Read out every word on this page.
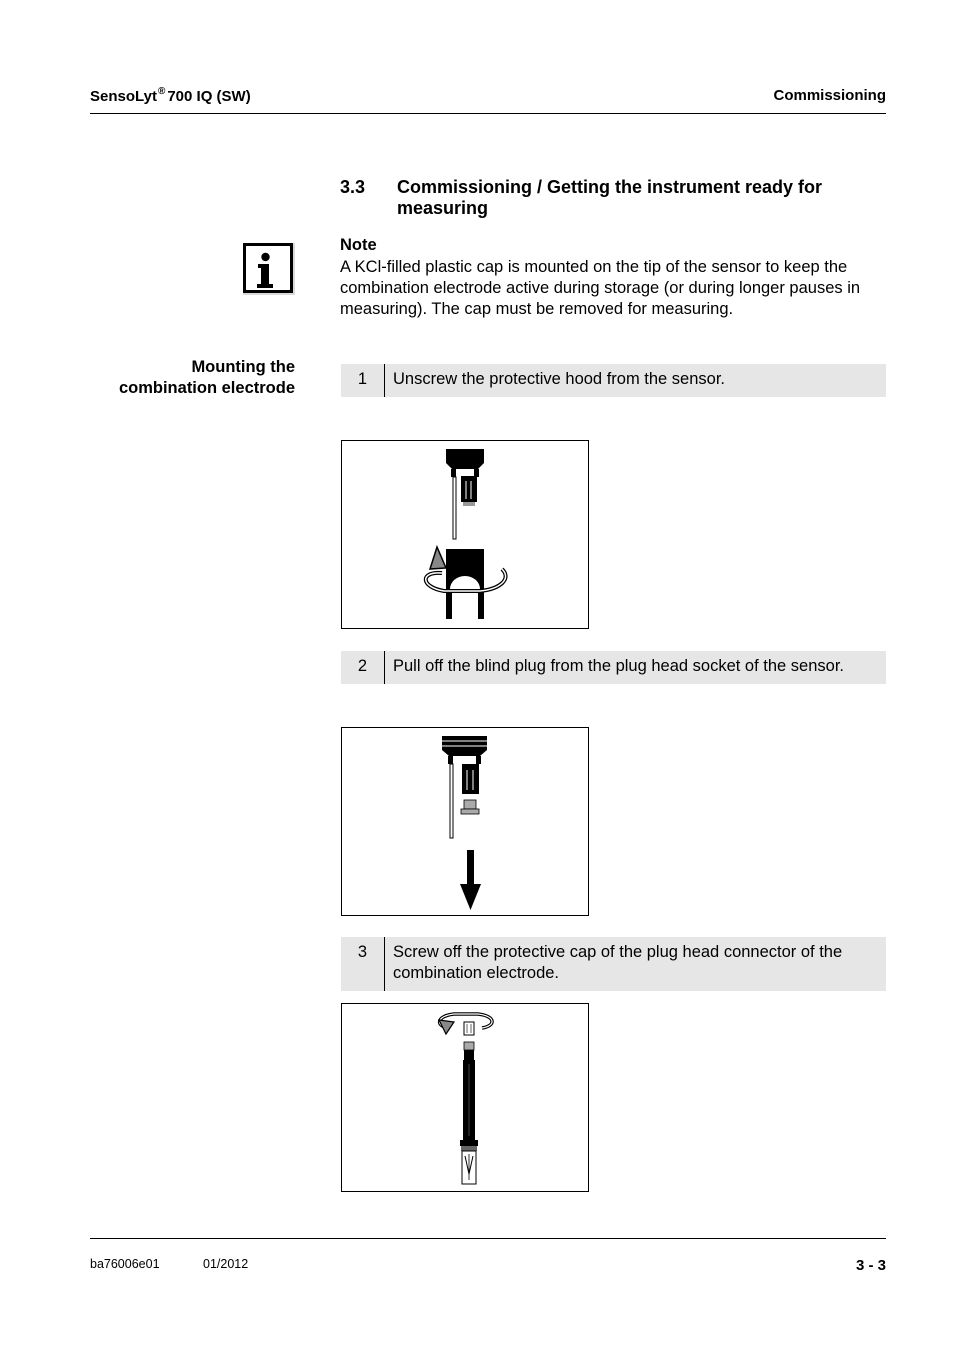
SensoLyt® 700 IQ (SW)	Commissioning
3.3 Commissioning / Getting the instrument ready for measuring
Note
A KCl-filled plastic cap is mounted on the tip of the sensor to keep the combination electrode active during storage (or during longer pauses in measuring). The cap must be removed for measuring.
Mounting the
combination electrode	1	Unscrew the protective hood from the sensor.
2	Pull off the blind plug from the plug head socket of the sensor.
3	Screw off the protective cap of the plug head connector of the combination electrode.
ba76006e01	01/2012	3 - 3
